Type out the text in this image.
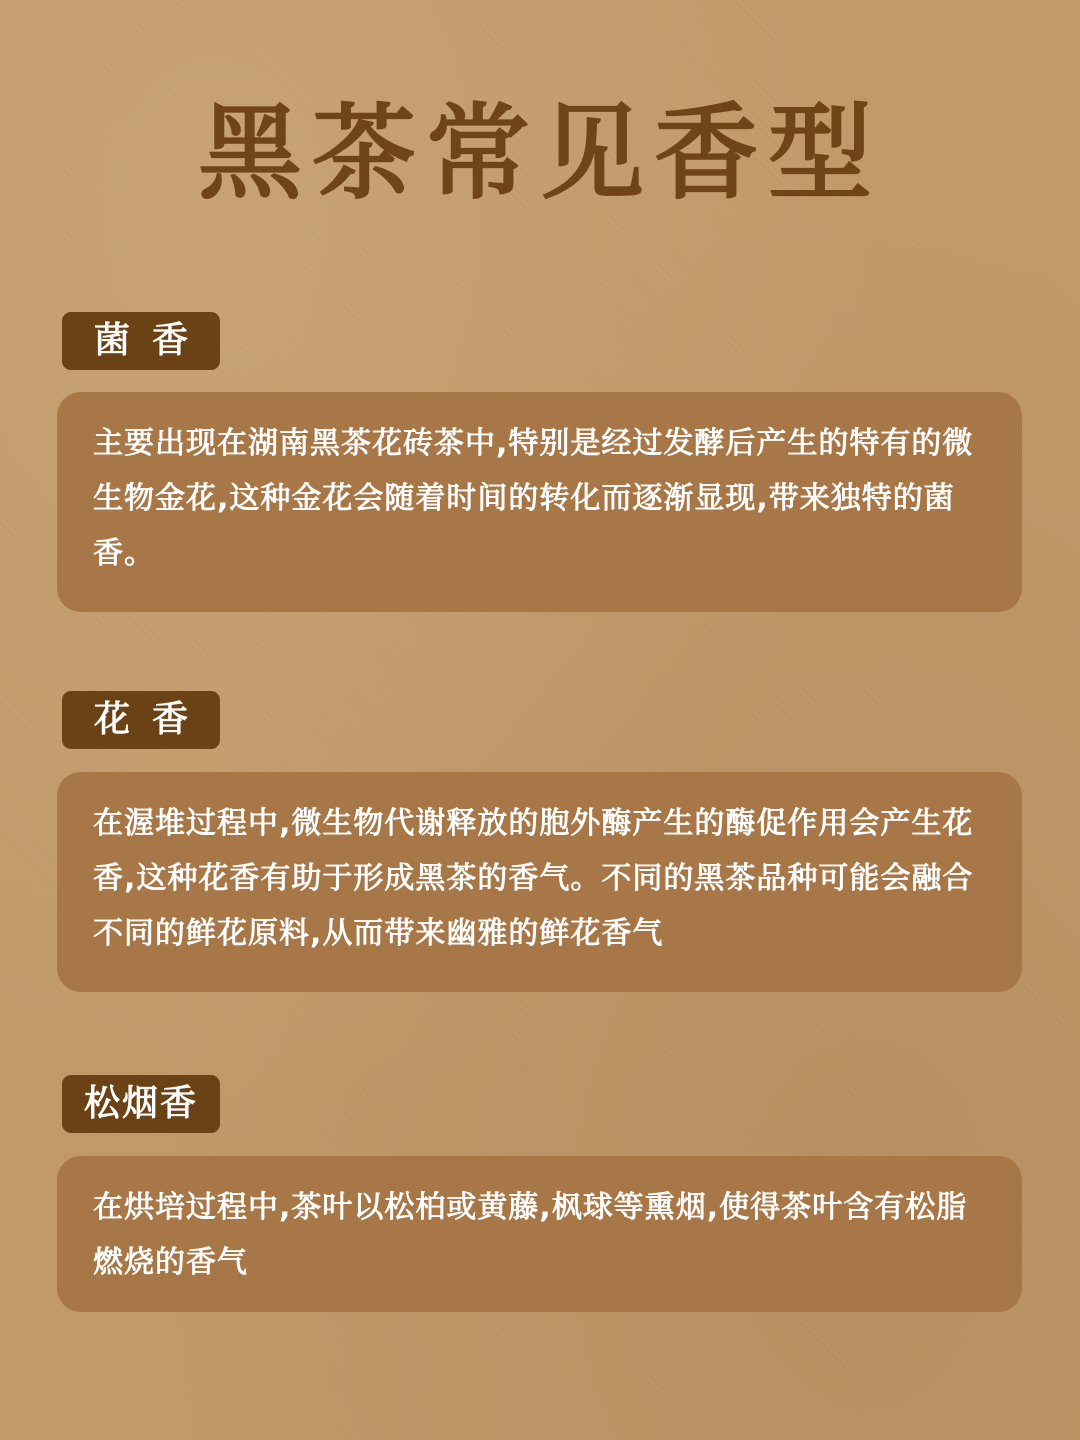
黑茶常见香型
菌香
主要出现在湖南黑茶花砖茶中,特别是经过发酵后产生的特有的微生物金花,这种金花会随着时间的转化而逐渐显现,带来独特的菌香。
花香
在渥堆过程中,微生物代谢释放的胞外酶产生的酶促作用会产生花香,这种花香有助于形成黑茶的香气。不同的黑茶品种可能会融合不同的鲜花原料,从而带来幽雅的鲜花香气
松烟香
在烘培过程中,茶叶以松柏或黄藤,枫球等熏烟,使得茶叶含有松脂燃烧的香气
